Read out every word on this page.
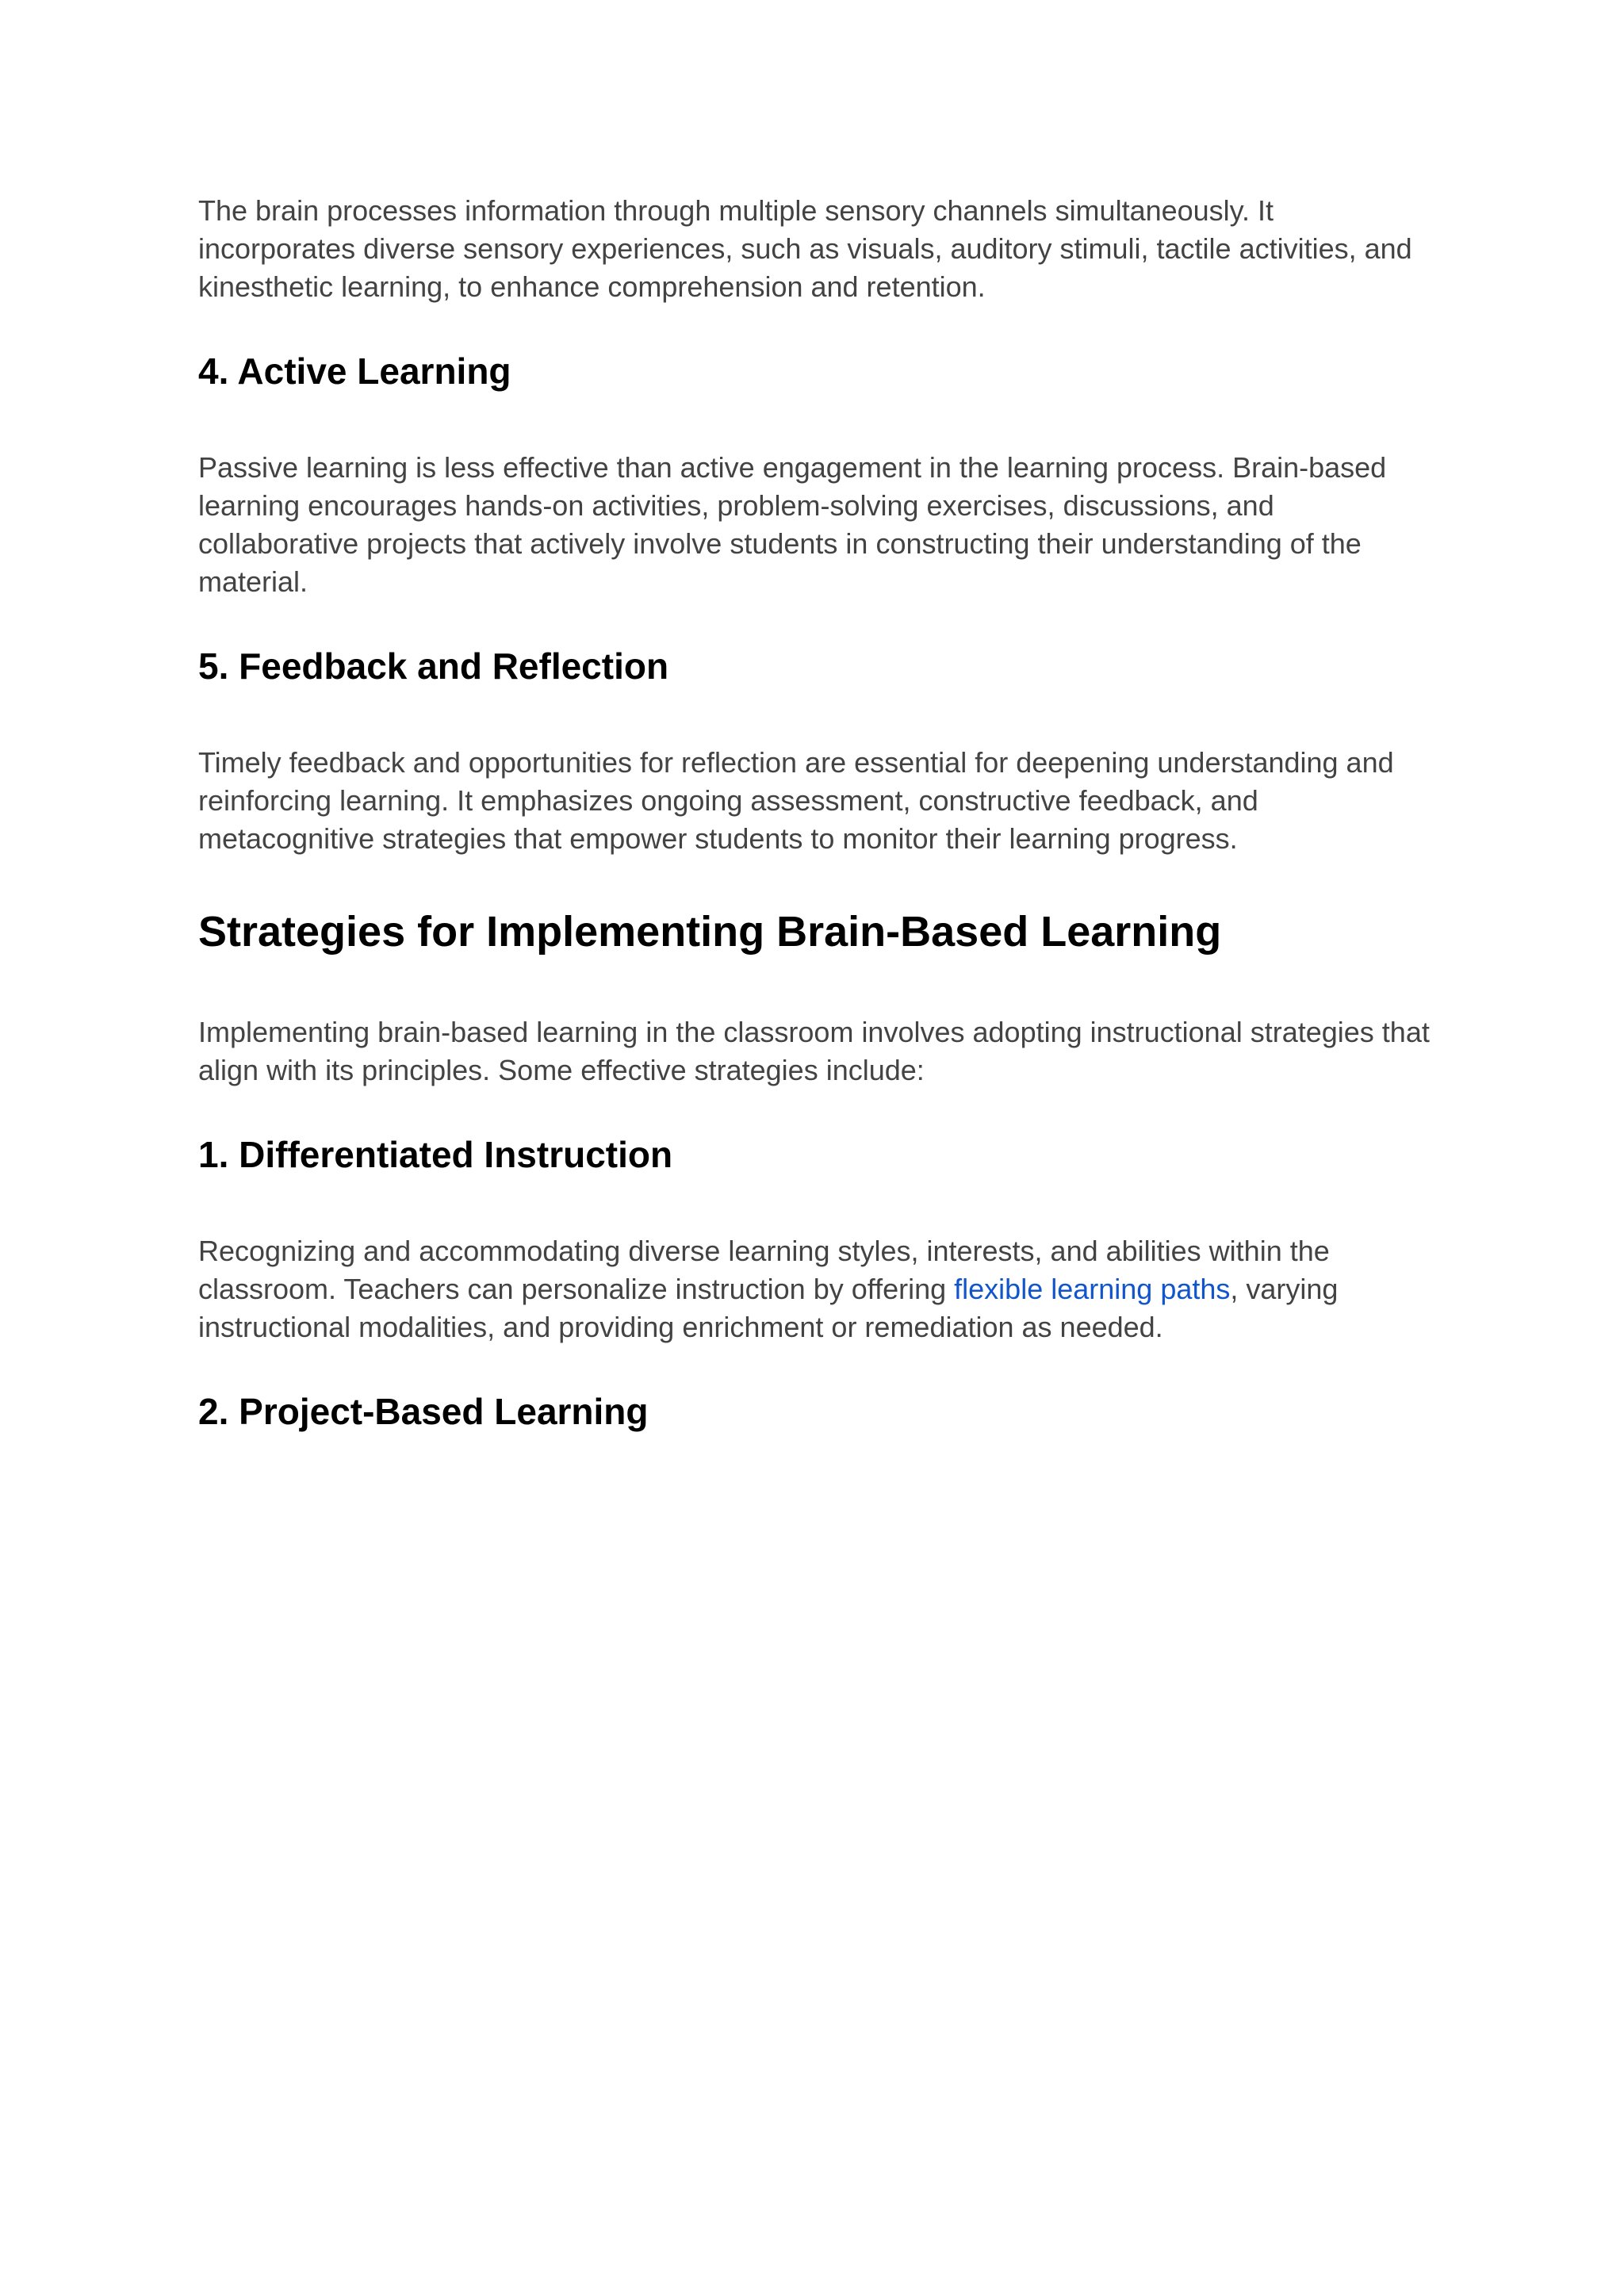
The brain processes information through multiple sensory channels simultaneously. It incorporates diverse sensory experiences, such as visuals, auditory stimuli, tactile activities, and kinesthetic learning, to enhance comprehension and retention.

4. Active Learning

Passive learning is less effective than active engagement in the learning process. Brain-based learning encourages hands-on activities, problem-solving exercises, discussions, and collaborative projects that actively involve students in constructing their understanding of the material.

5. Feedback and Reflection

Timely feedback and opportunities for reflection are essential for deepening understanding and reinforcing learning. It emphasizes ongoing assessment, constructive feedback, and metacognitive strategies that empower students to monitor their learning progress.

Strategies for Implementing Brain-Based Learning

Implementing brain-based learning in the classroom involves adopting instructional strategies that align with its principles. Some effective strategies include:

1. Differentiated Instruction

Recognizing and accommodating diverse learning styles, interests, and abilities within the classroom. Teachers can personalize instruction by offering flexible learning paths, varying instructional modalities, and providing enrichment or remediation as needed.

2. Project-Based Learning
